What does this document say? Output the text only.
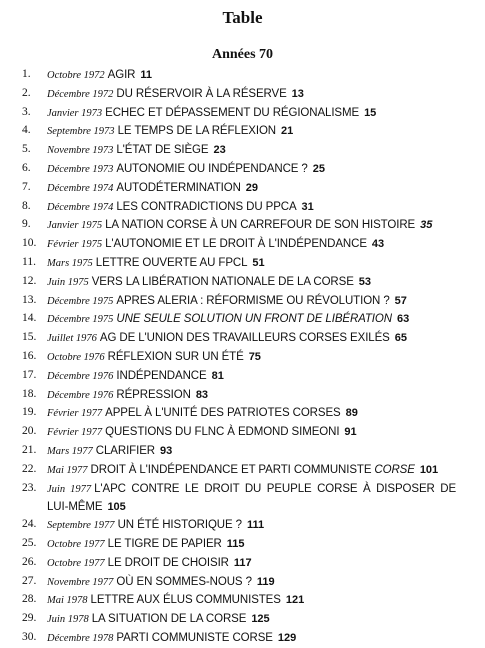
Table
Années 70
1.	Octobre 1972 AGIR 11
2.	Décembre 1972 DU RÉSERVOIR À LA RÉSERVE 13
3.	Janvier 1973 ECHEC ET DÉPASSEMENT DU RÉGIONALISME 15
4.	Septembre 1973 LE TEMPS DE LA RÉFLEXION 21
5.	Novembre 1973 L'ÉTAT DE SIÈGE 23
6.	Décembre 1973 AUTONOMIE OU INDÉPENDANCE ? 25
7.	Décembre 1974 AUTODÉTERMINATION 29
8.	Décembre 1974 LES CONTRADICTIONS DU PPCA 31
9.	Janvier 1975 LA NATION CORSE À UN CARREFOUR DE SON HISTOIRE 35
10.	Février 1975 L'AUTONOMIE ET LE DROIT À L'INDÉPENDANCE 43
11.	Mars 1975 LETTRE OUVERTE AU FPCL 51
12.	Juin 1975 VERS LA LIBÉRATION NATIONALE DE LA CORSE 53
13.	Décembre 1975 APRES ALERIA : RÉFORMISME OU RÉVOLUTION ? 57
14.	Décembre 1975 UNE SEULE SOLUTION UN FRONT DE LIBÉRATION 63
15.	Juillet 1976 AG DE L'UNION DES TRAVAILLEURS CORSES EXILÉS 65
16.	Octobre 1976 RÉFLEXION SUR UN ÉTÉ 75
17.	Décembre 1976 INDÉPENDANCE 81
18.	Décembre 1976 RÉPRESSION 83
19.	Février 1977 APPEL À L'UNITÉ DES PATRIOTES CORSES 89
20.	Février 1977 QUESTIONS DU FLNC À EDMOND SIMEONI 91
21.	Mars 1977 CLARIFIER 93
22.	Mai 1977 DROIT À L'INDÉPENDANCE ET PARTI COMMUNISTE CORSE 101
23.	Juin 1977 L'APC CONTRE LE DROIT DU PEUPLE CORSE À DISPOSER DE LUI-MÊME 105
24.	Septembre 1977 UN ÉTÉ HISTORIQUE ? 111
25.	Octobre 1977 LE TIGRE DE PAPIER 115
26.	Octobre 1977 LE DROIT DE CHOISIR 117
27.	Novembre 1977 OÙ EN SOMMES-NOUS ? 119
28.	Mai 1978 LETTRE AUX ÉLUS COMMUNISTES 121
29.	Juin 1978 LA SITUATION DE LA CORSE 125
30.	Décembre 1978 PARTI COMMUNISTE CORSE 129
